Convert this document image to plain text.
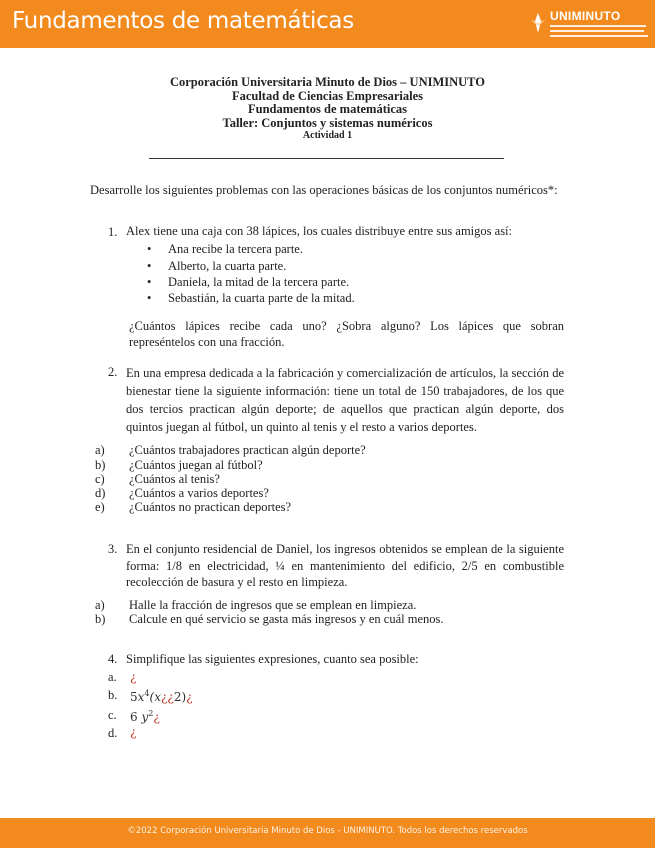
Fundamentos de matemáticas	UNIMINUTO
Corporación Universitaria Minuto de Dios – UNIMINUTO
Facultad de Ciencias Empresariales
Fundamentos de matemáticas
Taller: Conjuntos y sistemas numéricos
Actividad 1
Desarrolle los siguientes problemas con las operaciones básicas de los conjuntos numéricos*:
1. Alex tiene una caja con 38 lápices, los cuales distribuye entre sus amigos así:
• Ana recibe la tercera parte.
• Alberto, la cuarta parte.
• Daniela, la mitad de la tercera parte.
• Sebastián, la cuarta parte de la mitad.
¿Cuántos lápices recibe cada uno? ¿Sobra alguno? Los lápices que sobran represéntelos con una fracción.
2. En una empresa dedicada a la fabricación y comercialización de artículos, la sección de bienestar tiene la siguiente información: tiene un total de 150 trabajadores, de los que dos tercios practican algún deporte; de aquellos que practican algún deporte, dos quintos juegan al fútbol, un quinto al tenis y el resto a varios deportes.
a) ¿Cuántos trabajadores practican algún deporte?
b) ¿Cuántos juegan al fútbol?
c) ¿Cuántos al tenis?
d) ¿Cuántos a varios deportes?
e) ¿Cuántos no practican deportes?
3. En el conjunto residencial de Daniel, los ingresos obtenidos se emplean de la siguiente forma: 1/8 en electricidad, ¼ en mantenimiento del edificio, 2/5 en combustible recolección de basura y el resto en limpieza.
a) Halle la fracción de ingresos que se emplean en limpieza.
b) Calcule en qué servicio se gasta más ingresos y en cuál menos.
4. Simplifique las siguientes expresiones, cuanto sea posible:
a. ¿
b. $5x^4(x¿¿2)¿$
c. 6 $y^2¿$
d. ¿
©2022 Corporación Universitaria Minuto de Dios - UNIMINUTO. Todos los derechos reservados
